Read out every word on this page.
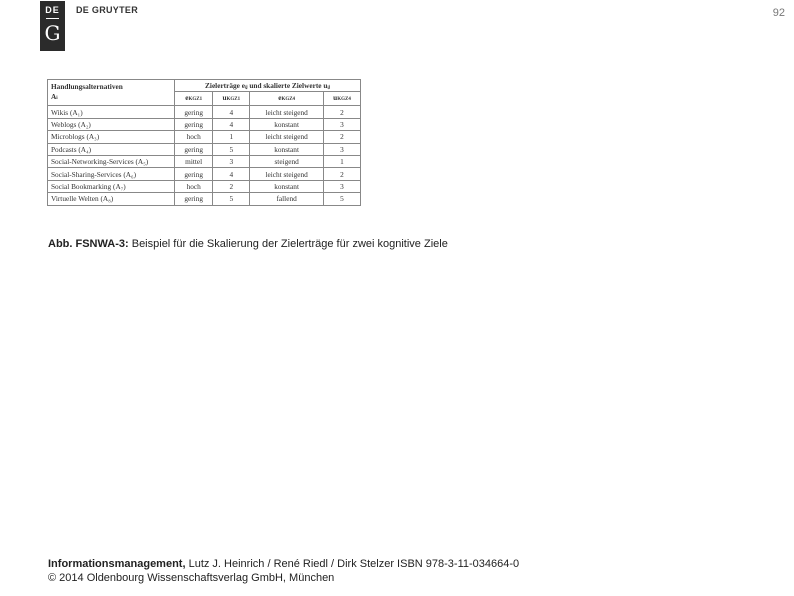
DE
G
DE GRUYTER	92
Handlungsalternativen
Ai	Zielerträge eᵢⱼ und skalierte Zielwerte uᵢⱼ			
	eKGZ1	uKGZ1	eKGZ4	uKGZ4
Wikis (A₁)	gering	4	leicht steigend	2
Weblogs (A₂)	gering	4	konstant	3
Microblogs (A₃)	hoch	1	leicht steigend	2
Podcasts (A₄)	gering	5	konstant	3
Social-Networking-Services (A₅)	mittel	3	steigend	1
Social-Sharing-Services (A₆)	gering	4	leicht steigend	2
Social Bookmarking (A₇)	hoch	2	konstant	3
Virtuelle Welten (A₈)	gering	5	fallend	5
Abb. FSNWA-3: Beispiel für die Skalierung der Zielerträge für zwei kognitive Ziele
Informationsmanagement, Lutz J. Heinrich / René Riedl / Dirk Stelzer ISBN 978-3-11-034664-0
© 2014 Oldenbourg Wissenschaftsverlag GmbH, München
